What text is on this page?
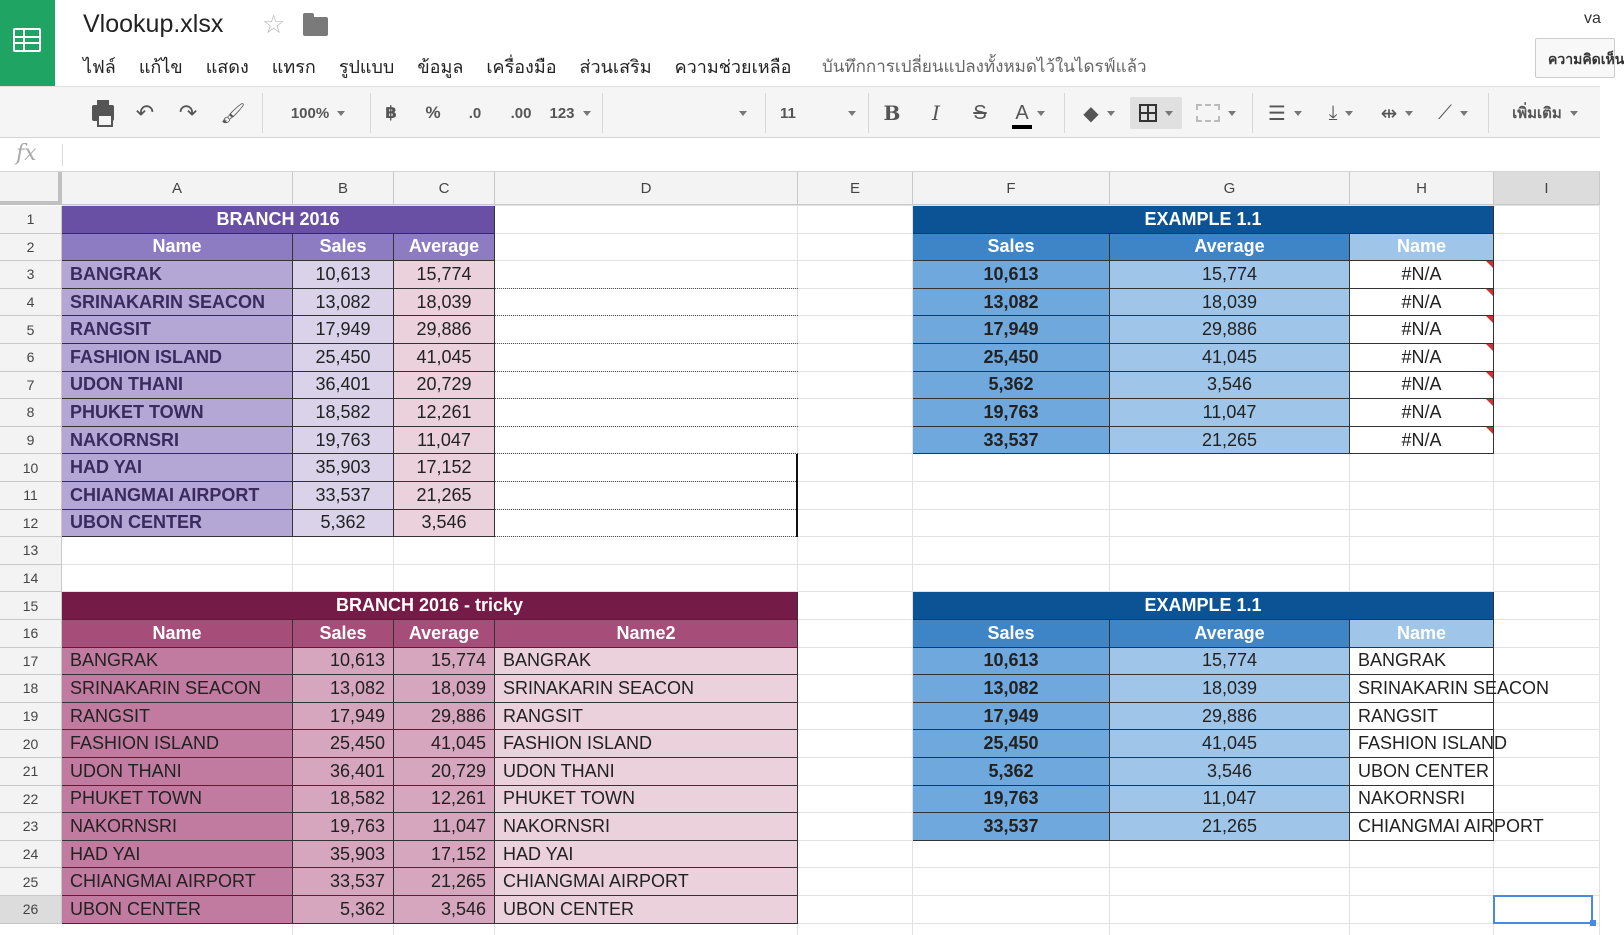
Vlookup.xlsx ☆
ไฟล์ แก้ไข แสดง แทรก รูปแบบ ข้อมูล เครื่องมือ ส่วนเสริม ความช่วยเหลือ บันทึกการเปลี่ยนแปลงทั้งหมดไว้ในไดรฟ์แล้ว
va
ความคิดเห็น
↶ ↷ 🖌	100%	฿	%	.0	.00	123	11	B I S A	◆	☰ ⤓ ⇹ ⟋	เพิ่มเติม
fx
A	B	C	D	E	F	G	H	I
1
2
3
4
5
6
7
8
9
10
11
12
13
14
15
16
17
18
19
20
21
22
23
24
25
26
BRANCH 2016
Name	Sales	Average
BANGRAK	10,613	15,774
SRINAKARIN SEACON	13,082	18,039
RANGSIT	17,949	29,886
FASHION ISLAND	25,450	41,045
UDON THANI	36,401	20,729
PHUKET TOWN	18,582	12,261
NAKORNSRI	19,763	11,047
HAD YAI	35,903	17,152
CHIANGMAI AIRPORT	33,537	21,265
UBON CENTER	5,362	3,546
BRANCH 2016 - tricky
Name	Sales	Average	Name2
BANGRAK	10,613	15,774 BANGRAK
SRINAKARIN SEACON	13,082	18,039 SRINAKARIN SEACON
RANGSIT	17,949	29,886 RANGSIT
FASHION ISLAND	25,450	41,045 FASHION ISLAND
UDON THANI	36,401	20,729 UDON THANI
PHUKET TOWN	18,582	12,261 PHUKET TOWN
NAKORNSRI	19,763	11,047 NAKORNSRI
HAD YAI	35,903	17,152 HAD YAI
CHIANGMAI AIRPORT	33,537	21,265 CHIANGMAI AIRPORT
UBON CENTER	5,362	3,546 UBON CENTER
EXAMPLE 1.1
Sales	Average	Name
10,613	15,774	#N/A
13,082	18,039	#N/A
17,949	29,886	#N/A
25,450	41,045	#N/A
5,362	3,546	#N/A
19,763	11,047	#N/A
33,537	21,265	#N/A
EXAMPLE 1.1
Sales	Average	Name
10,613	15,774	BANGRAK
13,082	18,039	SRINAKARIN SEACON
17,949	29,886	RANGSIT
25,450	41,045	FASHION ISLAND
5,362	3,546	UBON CENTER
19,763	11,047	NAKORNSRI
33,537	21,265	CHIANGMAI AIRPORT
